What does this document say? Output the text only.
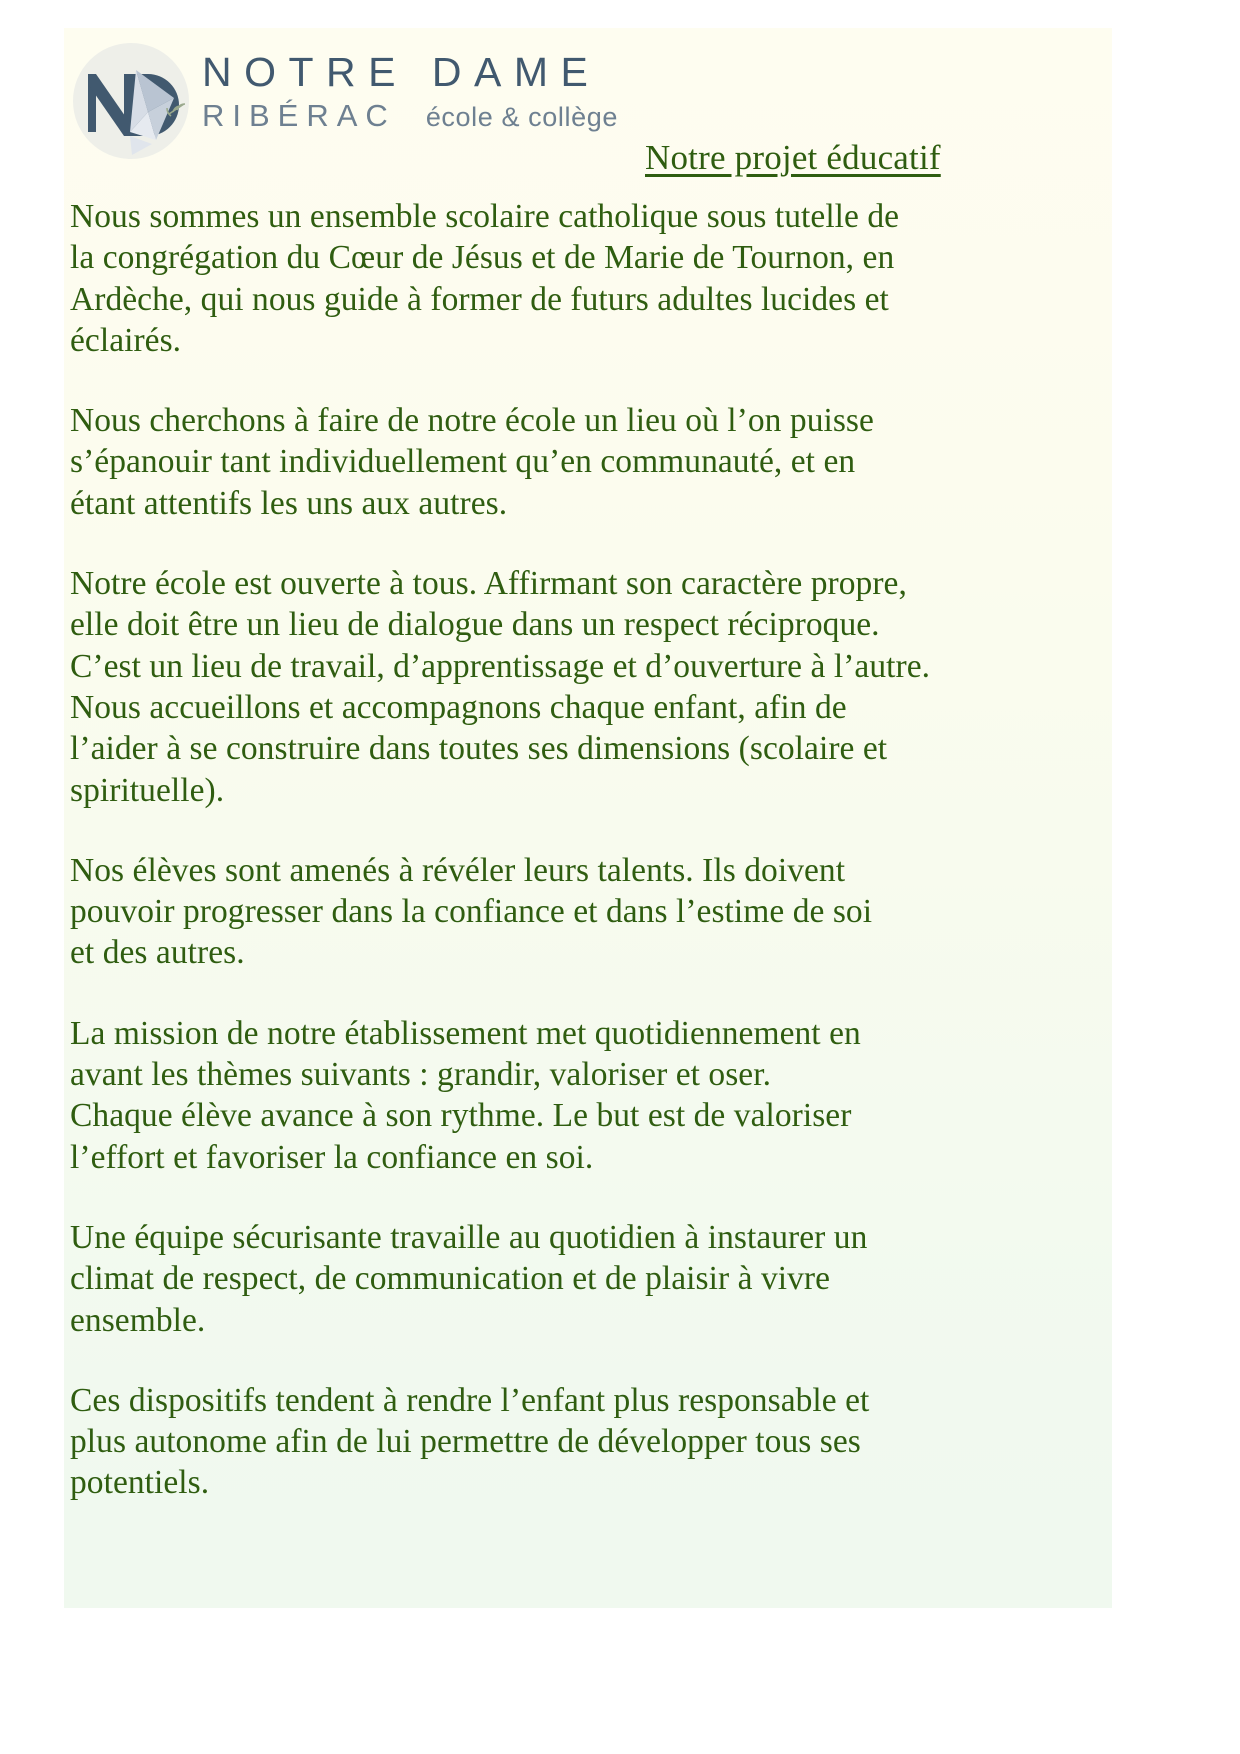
NOTRE DAME
RIBÉRAC école & collège
Notre projet éducatif

Nous sommes un ensemble scolaire catholique sous tutelle de
la congrégation du Cœur de Jésus et de Marie de Tournon, en
Ardèche, qui nous guide à former de futurs adultes lucides et
éclairés.

Nous cherchons à faire de notre école un lieu où l’on puisse
s’épanouir tant individuellement qu’en communauté, et en
étant attentifs les uns aux autres.

Notre école est ouverte à tous. Affirmant son caractère propre,
elle doit être un lieu de dialogue dans un respect réciproque.
C’est un lieu de travail, d’apprentissage et d’ouverture à l’autre.
Nous accueillons et accompagnons chaque enfant, afin de
l’aider à se construire dans toutes ses dimensions (scolaire et
spirituelle).

Nos élèves sont amenés à révéler leurs talents. Ils doivent
pouvoir progresser dans la confiance et dans l’estime de soi
et des autres.

La mission de notre établissement met quotidiennement en
avant les thèmes suivants : grandir, valoriser et oser.
Chaque élève avance à son rythme. Le but est de valoriser
l’effort et favoriser la confiance en soi.

Une équipe sécurisante travaille au quotidien à instaurer un
climat de respect, de communication et de plaisir à vivre
ensemble.

Ces dispositifs tendent à rendre l’enfant plus responsable et
plus autonome afin de lui permettre de développer tous ses
potentiels.
